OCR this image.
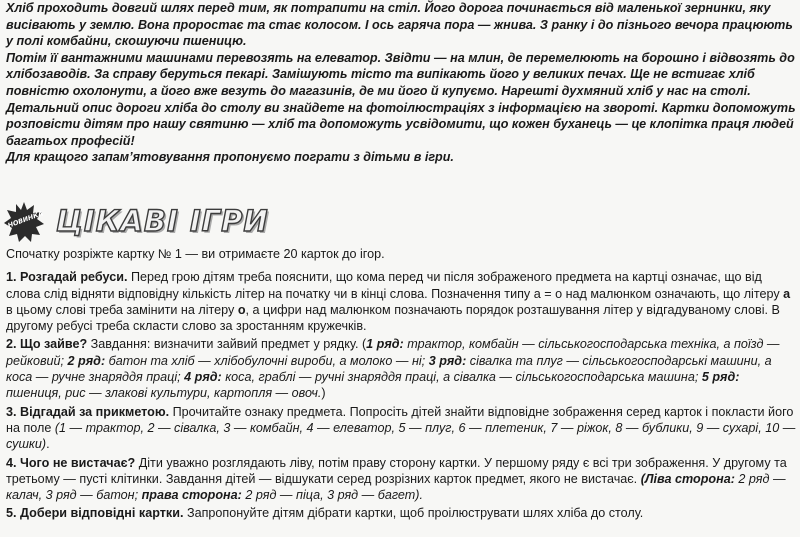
Хліб проходить довгий шлях перед тим, як потрапити на стіл. Його дорога починається від маленької зернинки, яку висівають у землю. Вона проростає та стає колосом. І ось гаряча пора — жнива. З ранку і до пізнього вечора працюють у полі комбайни, скошуючи пшеницю.

Потім її вантажними машинами перевозять на елеватор. Звідти — на млин, де перемелюють на борошно і відвозять до хлібозаводів. За справу беруться пекарі. Замішують тісто та випікають його у великих печах. Ще не встигає хліб повністю охолонути, а його вже везуть до магазинів, де ми його й купуємо. Нарешті духмяний хліб у нас на столі.

Детальний опис дороги хліба до столу ви знайдете на фотоілюстраціях з інформацією на звороті. Картки допоможуть розповісти дітям про нашу святиню — хліб та допоможуть усвідомити, що кожен буханець — це клопітка праця людей багатьох професій!

Для кращого запам’ятовування пропонуємо пограти з дітьми в ігри.

НОВИНКА ЦІКАВІ ІГРИ

Спочатку розріжте картку № 1 — ви отримаєте 20 карток до ігор.

1. Розгадай ребуси. Перед грою дітям треба пояснити, що кома перед чи після зображеного предмета на картці означає, що від слова слід відняти відповідну кількість літер на початку чи в кінці слова. Позначення типу а = о над малюнком означають, що літеру а в цьому слові треба замінити на літеру о, а цифри над малюнком позначають порядок розташування літер у відгадуваному слові. В другому ребусі треба скласти слово за зростанням кружечків.

2. Що зайве? Завдання: визначити зайвий предмет у рядку. (1 ряд: трактор, комбайн — сільськогосподарська техніка, а поїзд — рейковий; 2 ряд: батон та хліб — хлібобулочні вироби, а молоко — ні; 3 ряд: сівалка та плуг — сільськогосподарські машини, а коса — ручне знаряддя праці; 4 ряд: коса, граблі — ручні знаряддя праці, а сівалка — сільськогосподарська машина; 5 ряд: пшениця, рис — злакові культури, картопля — овоч.)

3. Відгадай за прикметою. Прочитайте ознаку предмета. Попросіть дітей знайти відповідне зображення серед карток і покласти його на поле (1 — трактор, 2 — сівалка, 3 — комбайн, 4 — елеватор, 5 — плуг, 6 — плетеник, 7 — ріжок, 8 — бублики, 9 — сухарі, 10 — сушки).

4. Чого не вистачає? Діти уважно розглядають ліву, потім праву сторону картки. У першому ряду є всі три зображення. У другому та третьому — пусті клітинки. Завдання дітей — відшукати серед розрізних карток предмет, якого не вистачає. (Ліва сторона: 2 ряд — калач, 3 ряд — батон; права сторона: 2 ряд — піца, 3 ряд — багет).

5. Добери відповідні картки. Запропонуйте дітям дібрати картки, щоб проілюструвати шлях хліба до столу.
